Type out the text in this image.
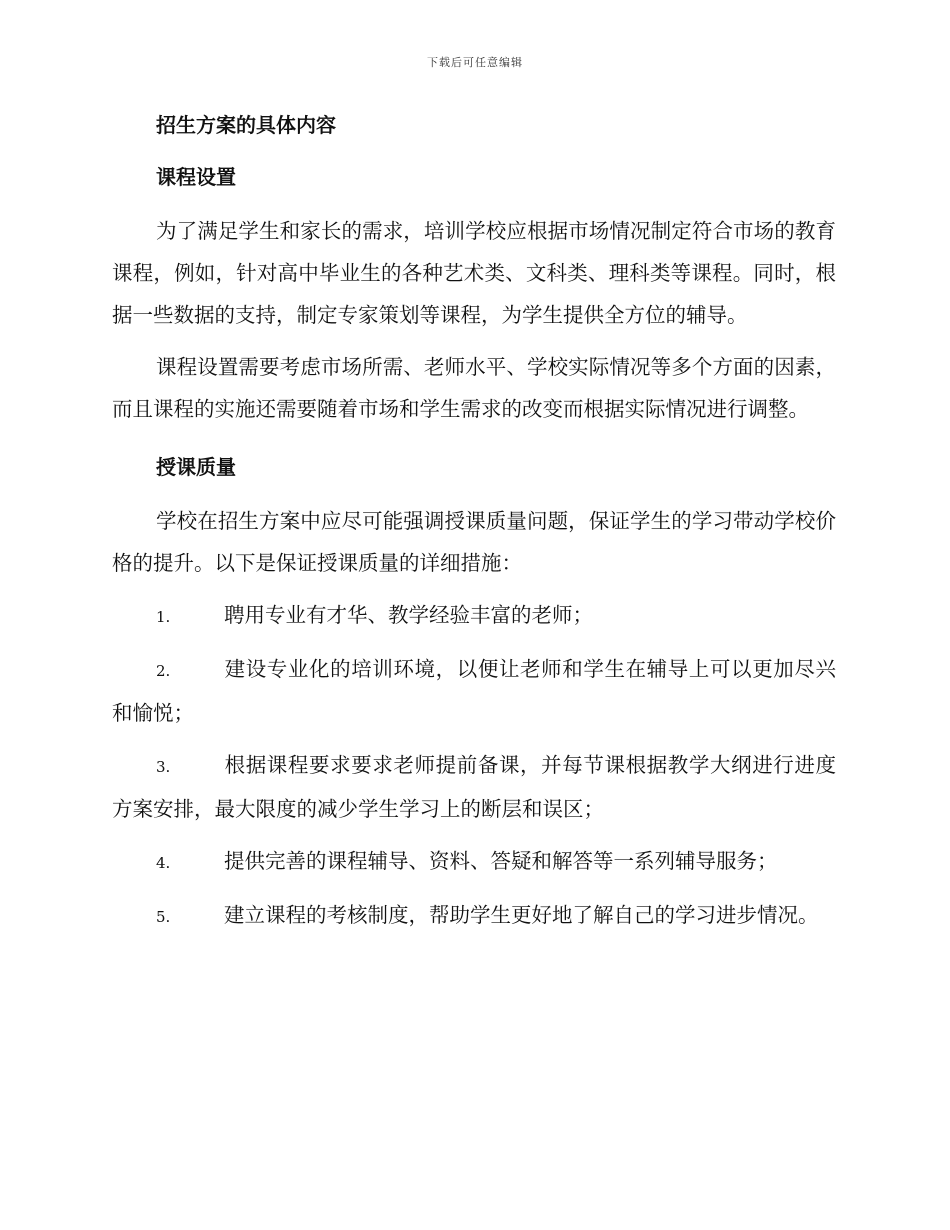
下载后可任意编辑
招生方案的具体内容
课程设置

为了满足学生和家长的需求，培训学校应根据市场情况制定符合市场的教育课程，例如，针对高中毕业生的各种艺术类、文科类、理科类等课程。同时，根据一些数据的支持，制定专家策划等课程，为学生提供全方位的辅导。

课程设置需要考虑市场所需、老师水平、学校实际情况等多个方面的因素，而且课程的实施还需要随着市场和学生需求的改变而根据实际情况进行调整。

授课质量

学校在招生方案中应尽可能强调授课质量问题，保证学生的学习带动学校价格的提升。以下是保证授课质量的详细措施：

1.	聘用专业有才华、教学经验丰富的老师；

2.	建设专业化的培训环境，以便让老师和学生在辅导上可以更加尽兴和愉悦；

3.	根据课程要求要求老师提前备课，并每节课根据教学大纲进行进度方案安排，最大限度的减少学生学习上的断层和误区；

4.	提供完善的课程辅导、资料、答疑和解答等一系列辅导服务；

5.	建立课程的考核制度，帮助学生更好地了解自己的学习进步情况。
